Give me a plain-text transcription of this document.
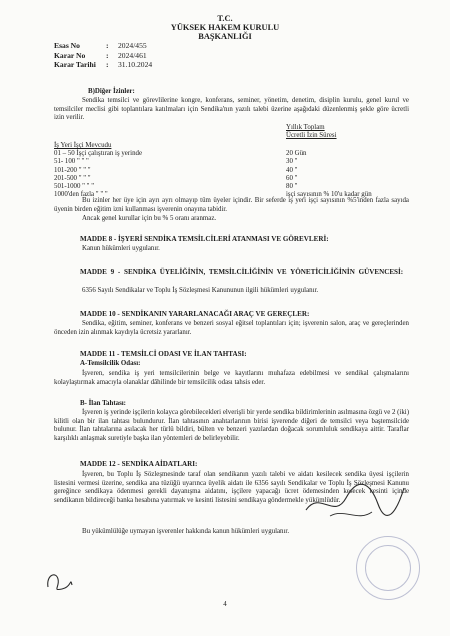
T.C.
YÜKSEK HAKEM KURULU
BAŞKANLIĞI
Esas No	:	2024/455
Karar No	:	2024/461
Karar Tarihi	:	31.10.2024
B)Diğer İzinler:
Sendika temsilci ve görevlilerine kongre, konferans, seminer, yönetim, denetim, disiplin kurulu, genel kurul ve temsilciler meclisi gibi toplantılara katılmaları için Sendika'nın yazılı talebi üzerine aşağıdaki düzenlenmiş şekle göre ücretli izin verilir.
Yıllık Toplam
Ücretli İzin Süresi
İş Yeri İşçi Mevcudu	
01 – 50 İşçi çalıştıran iş yerinde	20 Gün
51- 100 " " "	30 "
101-200 " " "	40 "
201-500 " " "	60 "
501-1000 " " "	80 "
1000'den fazla " " "	işçi sayısının % 10'u kadar gün
Bu izinler her üye için ayrı ayrı olmayıp tüm üyeler içindir. Bir seferde iş yeri işçi sayısının %5'inden fazla sayıda üyenin birden eğitim izni kullanması işverenin onayına tabidir.
Ancak genel kurullar için bu % 5 oranı aranmaz.
MADDE 8 - İŞYERİ SENDİKA TEMSİLCİLERİ ATANMASI VE GÖREVLERİ:
Kanun hükümleri uygulanır.
MADDE 9 - SENDİKA ÜYELİĞİNİN, TEMSİLCİLİĞİNİN VE YÖNETİCİLİĞİNİN GÜVENCESİ:
6356 Sayılı Sendikalar ve Toplu İş Sözleşmesi Kanununun ilgili hükümleri uygulanır.
MADDE 10 - SENDİKANIN YARARLANACAĞI ARAÇ VE GEREÇLER:
Sendika, eğitim, seminer, konferans ve benzeri sosyal eğitsel toplantıları için; işverenin salon, araç ve gereçlerinden önceden izin alınmak kaydıyla ücretsiz yararlanır.
MADDE 11 - TEMSİLCİ ODASI VE İLAN TAHTASI:
A-Temsilcilik Odası:
İşveren, sendika iş yeri temsilcilerinin belge ve kayıtlarını muhafaza edebilmesi ve sendikal çalışmalarını kolaylaştırmak amacıyla olanaklar dâhilinde bir temsilcilik odası tahsis eder.
B- İlan Tahtası:
İşveren iş yerinde işçilerin kolayca görebilecekleri elverişli bir yerde sendika bildirimlerinin asılmasına özgü ve 2 (iki) kilitli olan bir ilan tahtası bulundurur. İlan tahtasının anahtarlarının birisi işverende diğeri de temsilci veya baştemsilcide bulunur. İlan tahtalarına asılacak her türlü bildiri, bülten ve benzeri yazılardan doğacak sorumluluk sendikaya aittir. Taraflar karşılıklı anlaşmak suretiyle başka ilan yöntemleri de belirleyebilir.
MADDE 12 - SENDİKA AİDATLARI:
İşveren, bu Toplu İş Sözleşmesinde taraf olan sendikanın yazılı talebi ve aidatı kesilecek sendika üyesi işçilerin listesini vermesi üzerine, sendika ana tüzüğü uyarınca üyelik aidatı ile 6356 sayılı Sendikalar ve Toplu İş Sözleşmesi Kanunu gereğince sendikaya ödenmesi gerekli dayanışma aidatını, işçilere yapacağı ücret ödemesinden kesecek kesinti içinde sendikanın bildireceği banka hesabına yatırmak ve kesinti listesini sendikaya göndermekle yükümlüdür.
Bu yükümlülüğe uymayan işverenler hakkında kanun hükümleri uygulanır.
4
